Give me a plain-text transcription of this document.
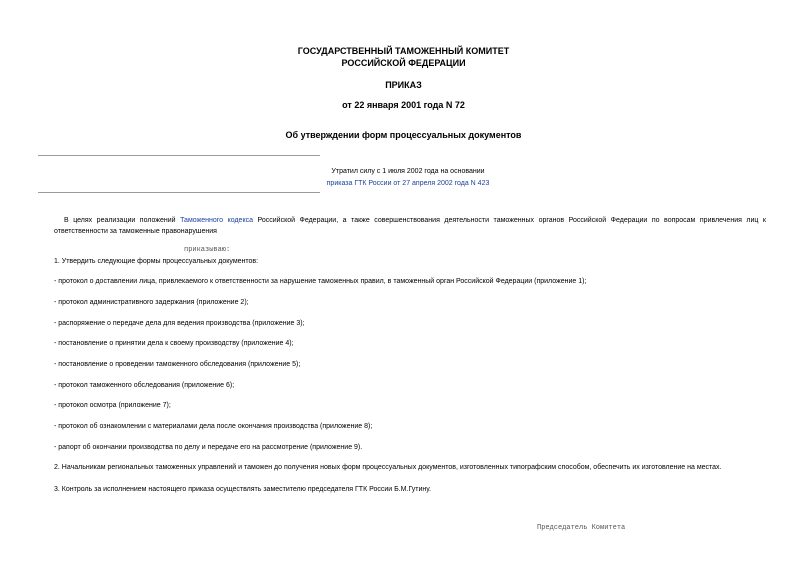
ГОСУДАРСТВЕННЫЙ ТАМОЖЕННЫЙ КОМИТЕТ
РОССИЙСКОЙ ФЕДЕРАЦИИ
ПРИКАЗ
от 22 января 2001 года N 72
Об утверждении форм процессуальных документов
Утратил силу с 1 июля 2002 года на основании
приказа ГТК России от 27 апреля 2002 года N 423
В целях реализации положений Таможенного кодекса Российской Федерации, а также совершенствования деятельности таможенных органов Российской Федерации по вопросам привлечения лиц к ответственности за таможенные правонарушения
приказываю:
1. Утвердить следующие формы процессуальных документов:
- протокол о доставлении лица, привлекаемого к ответственности за нарушение таможенных правил, в таможенный орган Российской Федерации (приложение 1);
- протокол административного задержания (приложение 2);
- распоряжение о передаче дела для ведения производства (приложение 3);
- постановление о принятии дела к своему производству (приложение 4);
- постановление о проведении таможенного обследования (приложение 5);
- протокол таможенного обследования (приложение 6);
- протокол осмотра (приложение 7);
- протокол об ознакомлении с материалами дела после окончания производства (приложение 8);
- рапорт об окончании производства по делу и передаче его на рассмотрение (приложение 9).
2. Начальникам региональных таможенных управлений и таможен до получения новых форм процессуальных документов, изготовленных типографским способом, обеспечить их изготовление на местах.
3. Контроль за исполнением настоящего приказа осуществлять заместителю председателя ГТК России Б.М.Гутину.
Председатель Комитета
